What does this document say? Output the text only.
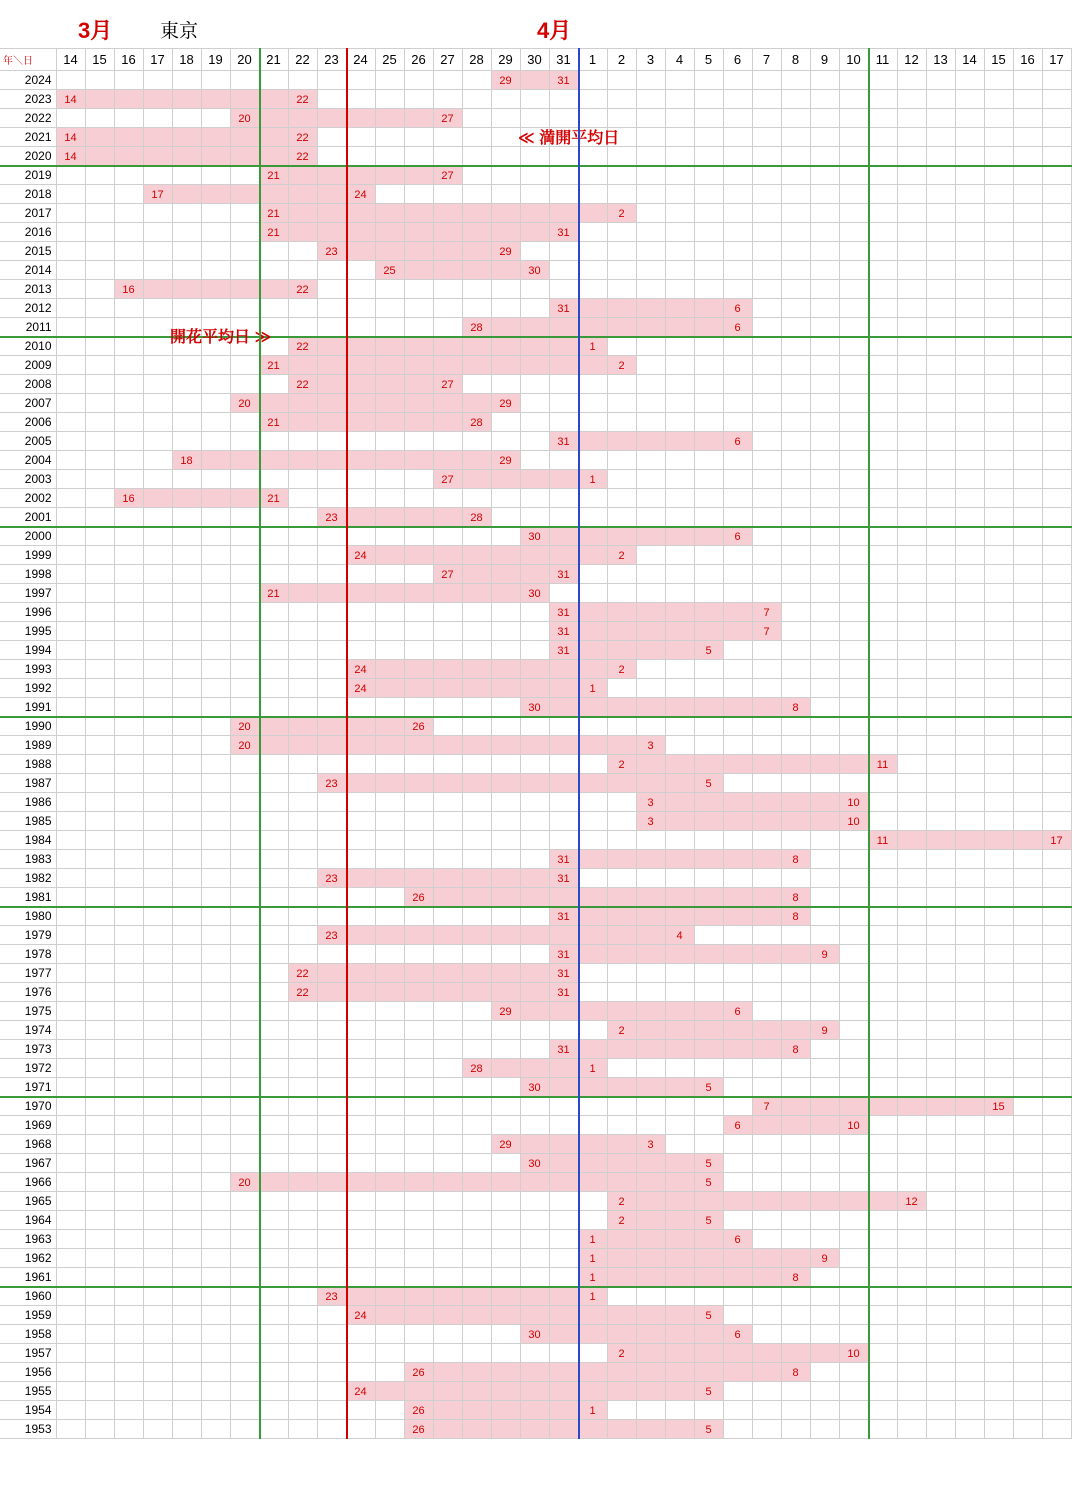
3月	東京	4月
年＼日	14	15	16	17	18	19	20	21	22	23	24	25	26	27	28	29	30	31	1	2	3	4	5	6	7	8	9	10	11	12	13	14	15	16	17
2024																29		31																	
2023	14								22																										
2022							20							27																					
2021	14								22																										
2020	14								22																										
2019								21						27																					
2018				17							24																								
2017								21												2															
2016								21										31																	
2015										23						29																			
2014												25					30																		
2013			16						22																										
2012																		31						6											
2011															28									6											
2010									22										1																
2009								21												2															
2008									22					27																					
2007							20									29																			
2006								21							28																				
2005																		31						6											
2004					18											29																			
2003														27					1																
2002			16					21																											
2001										23					28																				
2000																	30							6											
1999											24									2															
1998														27				31																	
1997								21									30																		
1996																		31							7										
1995																		31							7										
1994																		31					5												
1993											24									2															
1992											24								1																
1991																	30									8									
1990							20						26																						
1989							20														3														
1988																				2									11						
1987										23													5												
1986																					3							10							
1985																					3							10							
1984																													11						17
1983																		31								8									
1982										23								31																	
1981													26													8									
1980																		31								8									
1979										23												4													
1978																		31									9								
1977									22									31																	
1976									22									31																	
1975																29								6											
1974																				2							9								
1973																		31								8									
1972															28				1																
1971																	30						5												
1970																									7								15		
1969																								6				10							
1968																29					3														
1967																	30						5												
1966							20																5												
1965																				2										12					
1964																				2			5												
1963																			1					6											
1962																			1								9								
1961																			1							8									
1960										23									1																
1959											24												5												
1958																	30							6											
1957																				2								10							
1956													26													8									
1955											24												5												
1954													26						1																
1953													26										5												
開花平均日 ≫
≪ 満開平均日
